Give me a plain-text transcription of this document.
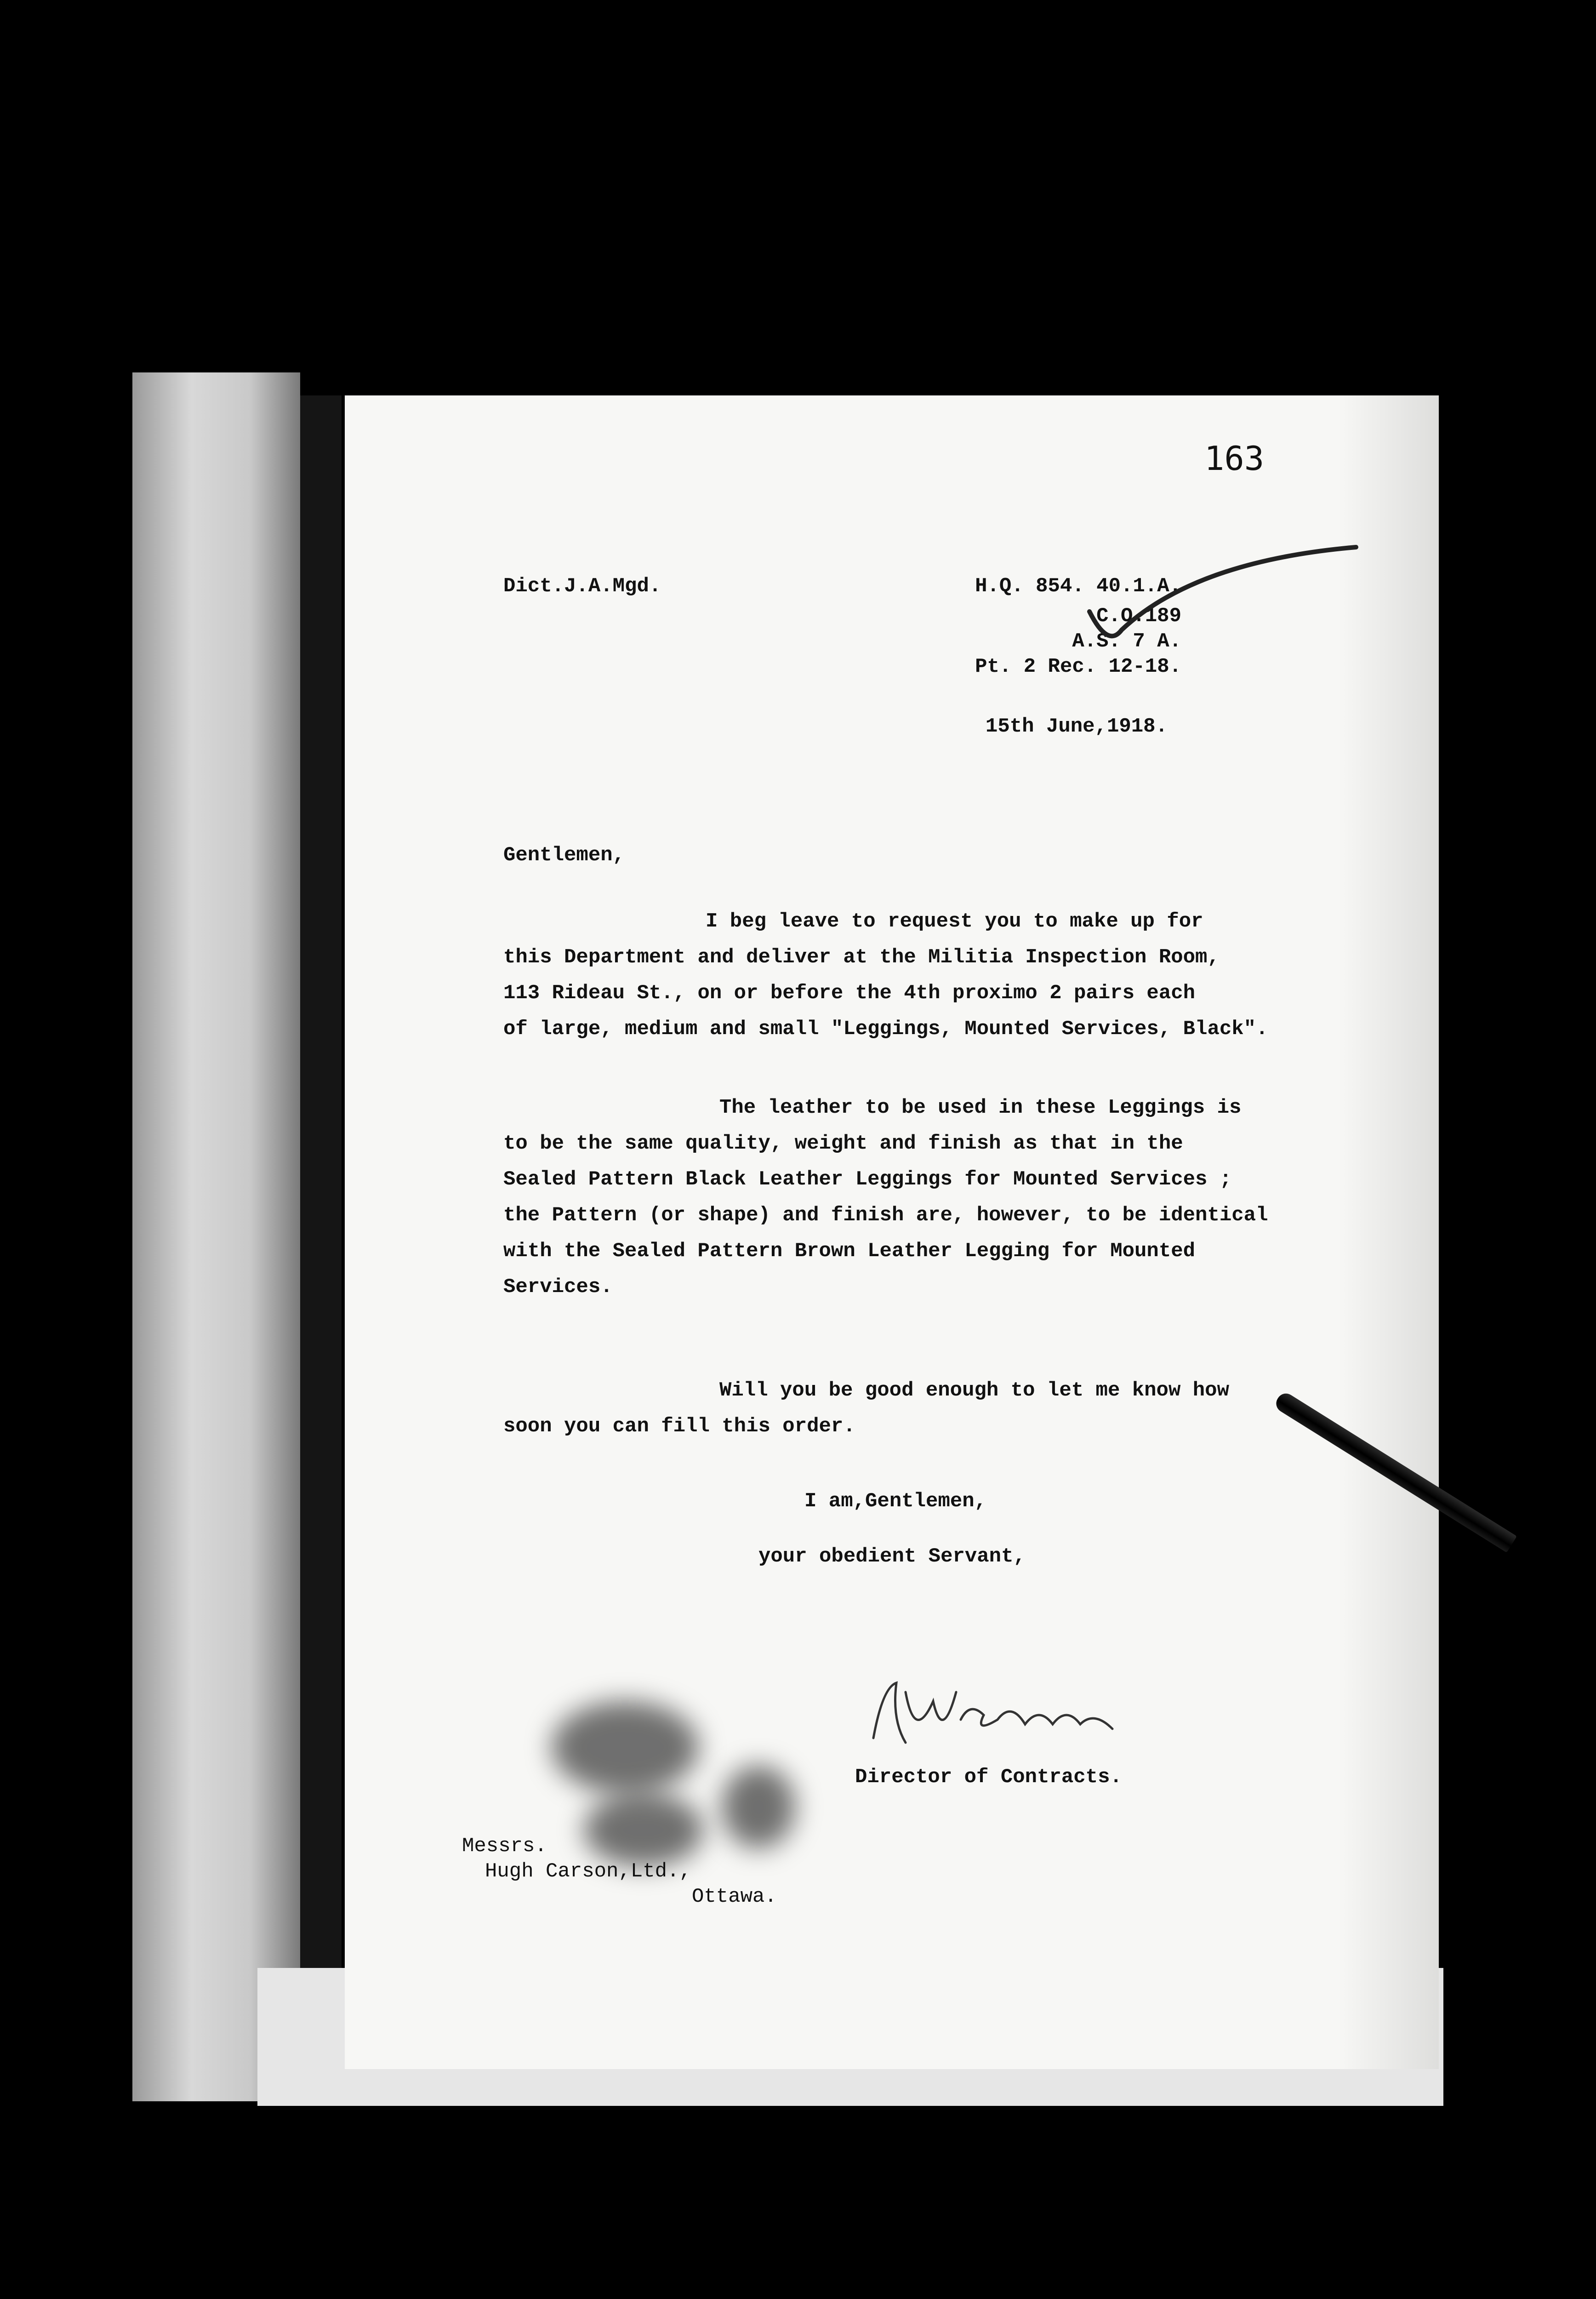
163
Dict.J.A.Mgd.	H.Q. 854. 40.1.A.
C.O.189
A.S. 7 A.
Pt. 2 Rec. 12-18.
15th June,1918.
Gentlemen,
I beg leave to request you to make up for
this Department and deliver at the Militia Inspection Room,
113 Rideau St., on or before the 4th proximo 2 pairs each
of large, medium and small "Leggings, Mounted Services, Black".
The leather to be used in these Leggings is
to be the same quality, weight and finish as that in the
Sealed Pattern Black Leather Leggings for Mounted Services ;
the Pattern (or shape) and finish are, however, to be identical
with the Sealed Pattern Brown Leather Legging for Mounted
Services.
Will you be good enough to let me know how
soon you can fill this order.
I am,Gentlemen,
your obedient Servant,
Director of Contracts.
Messrs.
Hugh Carson,Ltd.,
Ottawa.
